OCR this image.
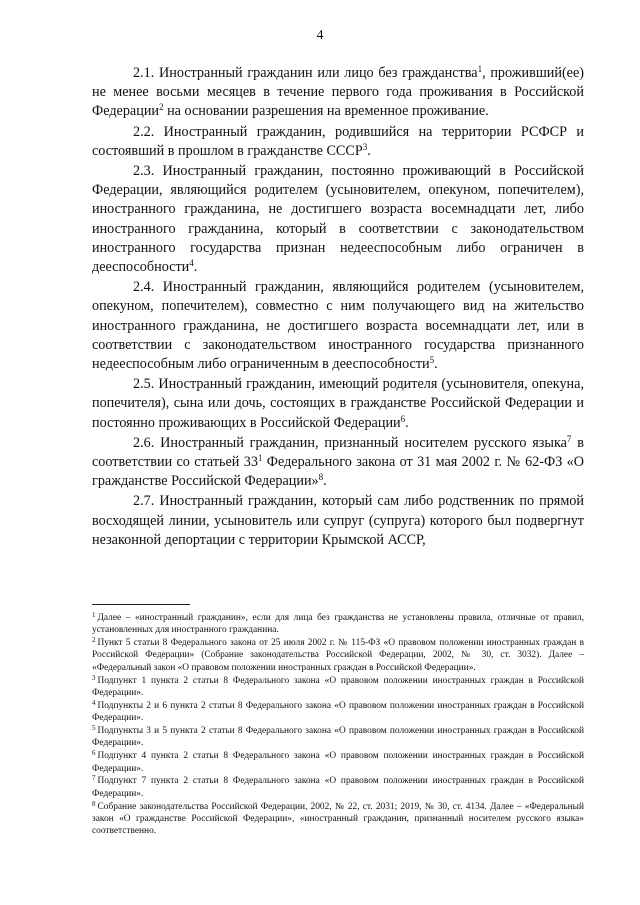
4

2.1. Иностранный гражданин или лицо без гражданства$^1$, проживший(ее) не менее восьми месяцев в течение первого года проживания в Российской Федерации$^2$ на основании разрешения на временное проживание.

2.2. Иностранный гражданин, родившийся на территории РСФСР и состоявший в прошлом в гражданстве СССР$^3$.

2.3. Иностранный гражданин, постоянно проживающий в Российской Федерации, являющийся родителем (усыновителем, опекуном, попечителем), иностранного гражданина, не достигшего возраста восемнадцати лет, либо иностранного гражданина, который в соответствии с законодательством иностранного государства признан недееспособным либо ограничен в дееспособности$^4$.

2.4. Иностранный гражданин, являющийся родителем (усыновителем, опекуном, попечителем), совместно с ним получающего вид на жительство иностранного гражданина, не достигшего возраста восемнадцати лет, или в соответствии с законодательством иностранного государства признанного недееспособным либо ограниченным в дееспособности$^5$.

2.5. Иностранный гражданин, имеющий родителя (усыновителя, опекуна, попечителя), сына или дочь, состоящих в гражданстве Российской Федерации и постоянно проживающих в Российской Федерации$^6$.

2.6. Иностранный гражданин, признанный носителем русского языка$^7$ в соответствии со статьей $33^1$ Федерального закона от 31 мая 2002 г. № 62-ФЗ «О гражданстве Российской Федерации»$^8$.

2.7. Иностранный гражданин, который сам либо родственник по прямой восходящей линии, усыновитель или супруг (супруга) которого был подвергнут незаконной депортации с территории Крымской АССР,

$^1$ Далее – «иностранный гражданин», если для лица без гражданства не установлены правила, отличные от правил, установленных для иностранного гражданина.

$^2$ Пункт 5 статьи 8 Федерального закона от 25 июля 2002 г. № 115-ФЗ «О правовом положении иностранных граждан в Российской Федерации» (Собрание законодательства Российской Федерации, 2002, № 30, ст. 3032). Далее – «Федеральный закон «О правовом положении иностранных граждан в Российской Федерации».

$^3$ Подпункт 1 пункта 2 статьи 8 Федерального закона «О правовом положении иностранных граждан в Российской Федерации».

$^4$ Подпункты 2 и 6 пункта 2 статьи 8 Федерального закона «О правовом положении иностранных граждан в Российской Федерации».

$^5$ Подпункты 3 и 5 пункта 2 статьи 8 Федерального закона «О правовом положении иностранных граждан в Российской Федерации».

$^6$ Подпункт 4 пункта 2 статьи 8 Федерального закона «О правовом положении иностранных граждан в Российской Федерации».

$^7$ Подпункт 7 пункта 2 статьи 8 Федерального закона «О правовом положении иностранных граждан в Российской Федерации».

$^8$ Собрание законодательства Российской Федерации, 2002, № 22, ст. 2031; 2019, № 30, ст. 4134. Далее – «Федеральный закон «О гражданстве Российской Федерации», «иностранный гражданин, признанный носителем русского языка» соответственно.
